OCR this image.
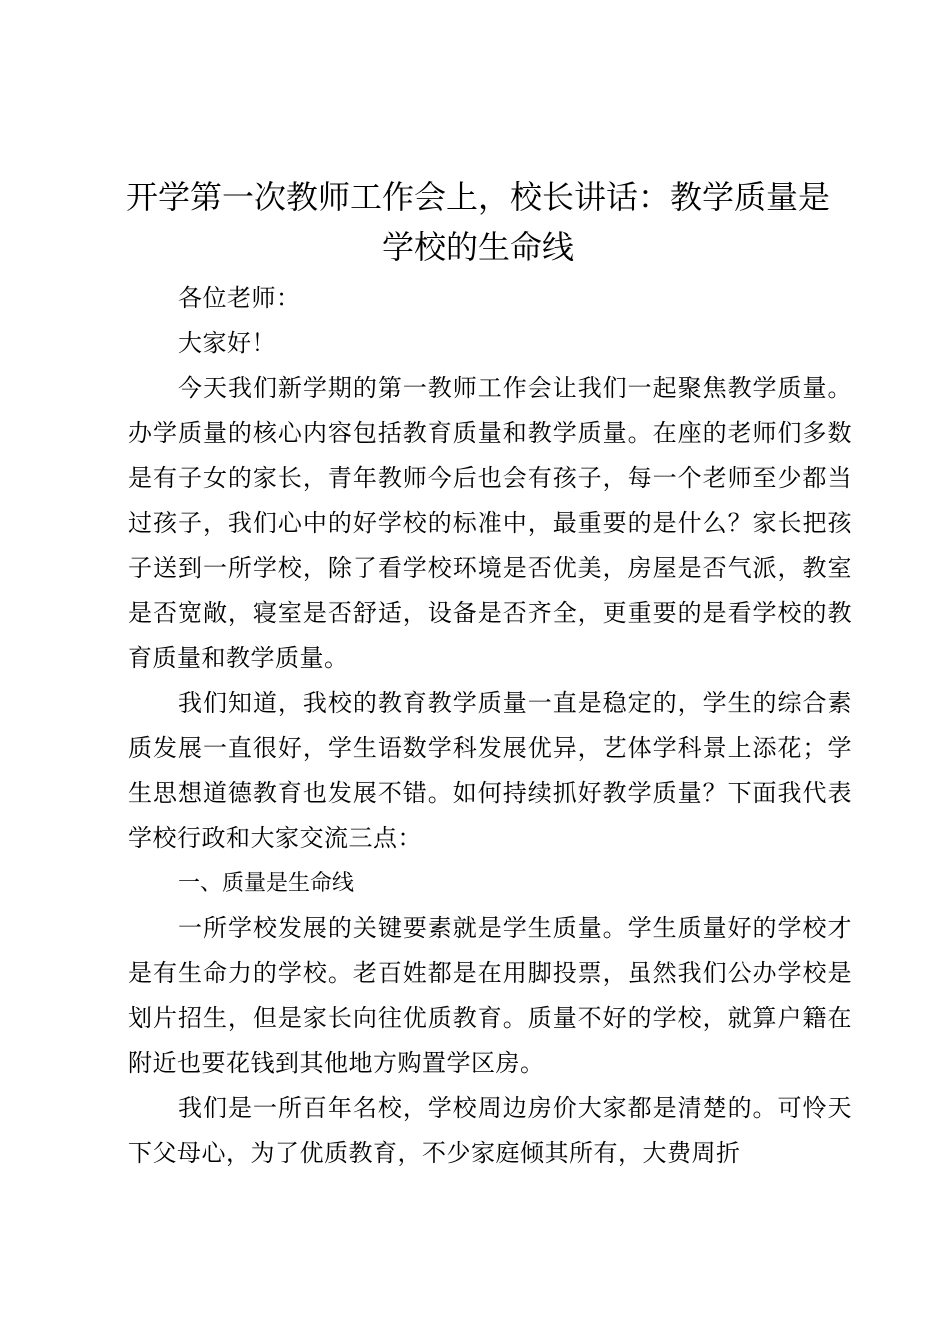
开学第一次教师工作会上，校长讲话：教学质量是学校的生命线

各位老师：

大家好！

今天我们新学期的第一教师工作会让我们一起聚焦教学质量。办学质量的核心内容包括教育质量和教学质量。在座的老师们多数是有子女的家长，青年教师今后也会有孩子，每一个老师至少都当过孩子，我们心中的好学校的标准中，最重要的是什么？家长把孩子送到一所学校，除了看学校环境是否优美，房屋是否气派，教室是否宽敞，寝室是否舒适，设备是否齐全，更重要的是看学校的教育质量和教学质量。

我们知道，我校的教育教学质量一直是稳定的，学生的综合素质发展一直很好，学生语数学科发展优异，艺体学科景上添花；学生思想道德教育也发展不错。如何持续抓好教学质量？下面我代表学校行政和大家交流三点：

一、质量是生命线

一所学校发展的关键要素就是学生质量。学生质量好的学校才是有生命力的学校。老百姓都是在用脚投票，虽然我们公办学校是划片招生，但是家长向往优质教育。质量不好的学校，就算户籍在附近也要花钱到其他地方购置学区房。

我们是一所百年名校，学校周边房价大家都是清楚的。可怜天下父母心，为了优质教育，不少家庭倾其所有，大费周折
